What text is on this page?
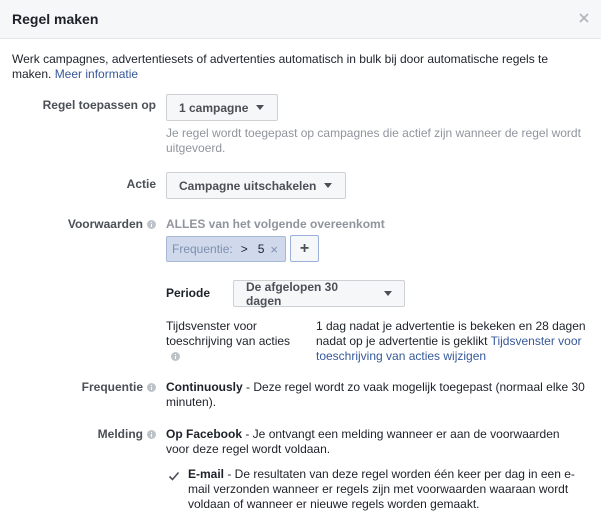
Regel maken
Werk campagnes, advertentiesets of advertenties automatisch in bulk bij door automatische regels te maken. Meer informatie
Regel toepassen op 1 campagne
Je regel wordt toegepast op campagnes die actief zijn wanneer de regel wordt uitgevoerd.
Actie Campagne uitschakelen
Voorwaarden ALLES van het volgende overeenkomt
Frequentie: > 5 × +
Periode	De afgelopen 30 dagen
Tijdsvenster voor toeschrijving van acties

1 dag nadat je advertentie is bekeken en 28 dagen nadat op je advertentie is geklikt Tijdsvenster voor toeschrijving van acties wijzigen
Frequentie Continuously - Deze regel wordt zo vaak mogelijk toegepast (normaal elke 30 minuten).
Melding Op Facebook - Je ontvangt een melding wanneer er aan de voorwaarden voor deze regel wordt voldaan.
E-mail - De resultaten van deze regel worden één keer per dag in een e-mail verzonden wanneer er regels zijn met voorwaarden waaraan wordt voldaan of wanneer er nieuwe regels worden gemaakt.
